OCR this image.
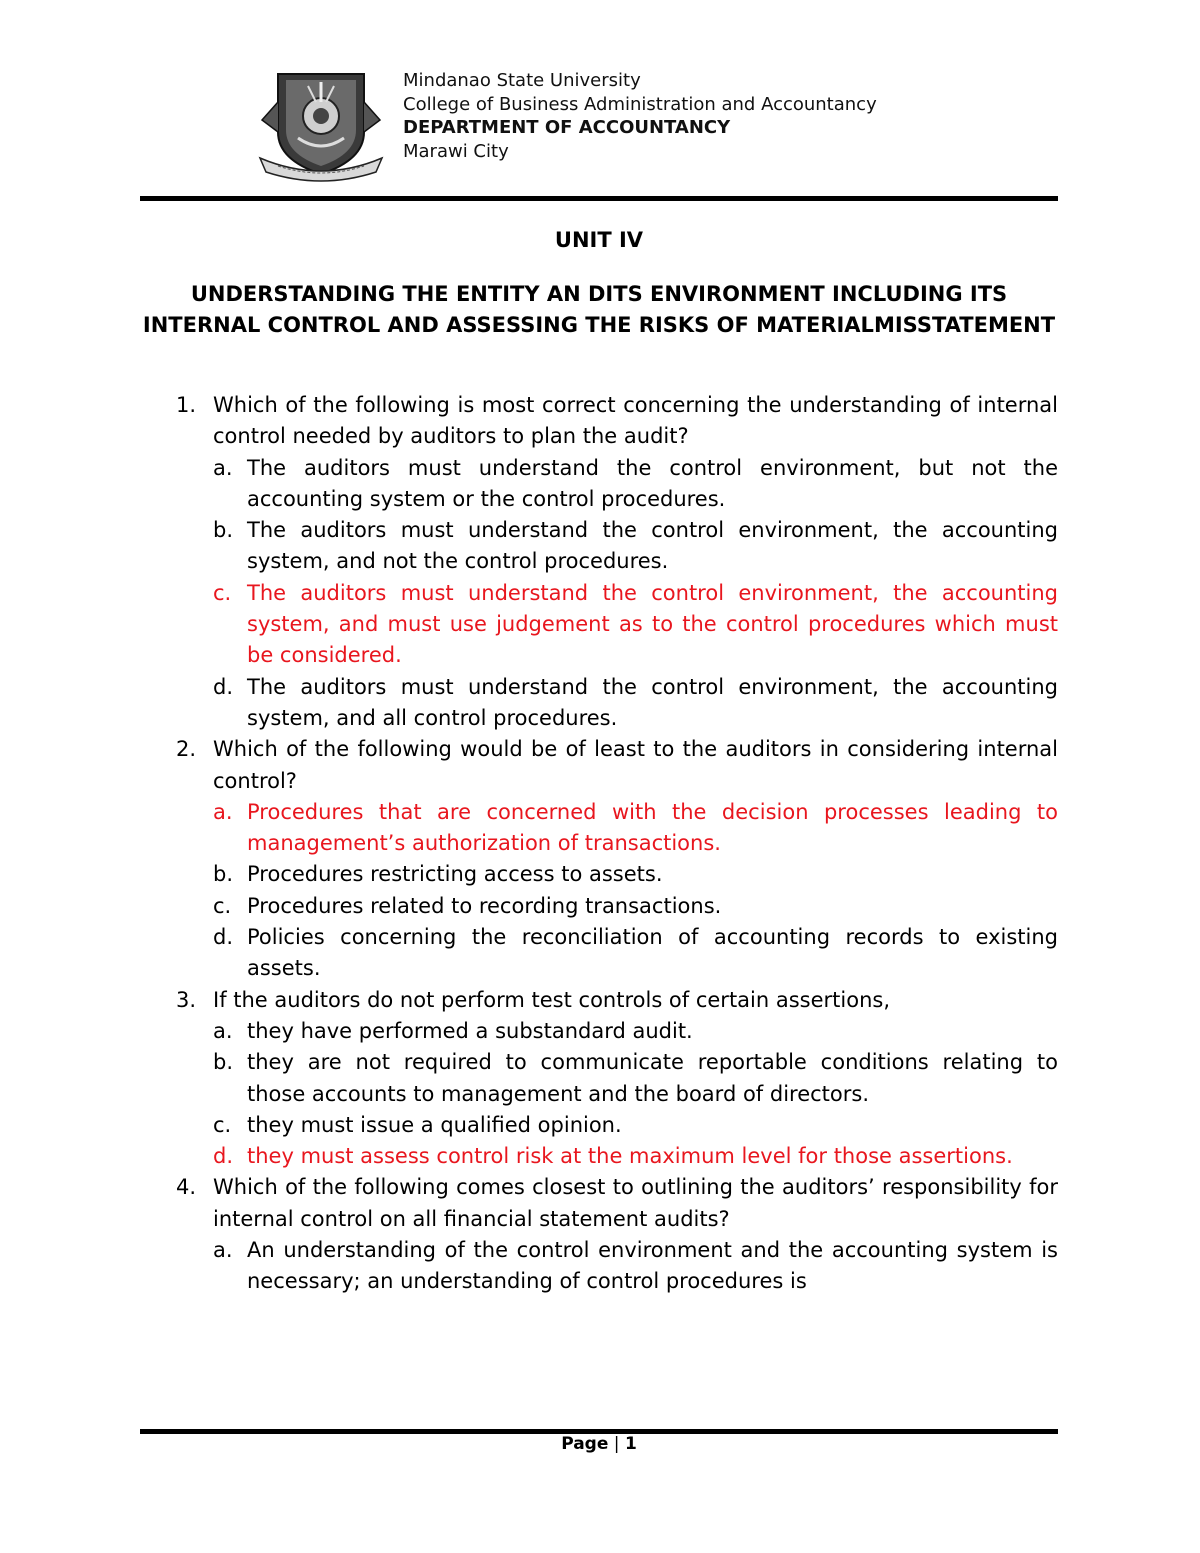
Mindanao State University
College of Business Administration and Accountancy
DEPARTMENT OF ACCOUNTANCY
Marawi City
UNIT IV
UNDERSTANDING THE ENTITY AN DITS ENVIRONMENT INCLUDING ITS INTERNAL CONTROL AND ASSESSING THE RISKS OF MATERIALMISSTATEMENT
1. Which of the following is most correct concerning the understanding of internal control needed by auditors to plan the audit?
a. The auditors must understand the control environment, but not the accounting system or the control procedures.
b. The auditors must understand the control environment, the accounting system, and not the control procedures.
c. The auditors must understand the control environment, the accounting system, and must use judgement as to the control procedures which must be considered.
d. The auditors must understand the control environment, the accounting system, and all control procedures.
2. Which of the following would be of least to the auditors in considering internal control?
a. Procedures that are concerned with the decision processes leading to management’s authorization of transactions.
b. Procedures restricting access to assets.
c. Procedures related to recording transactions.
d. Policies concerning the reconciliation of accounting records to existing assets.
3. If the auditors do not perform test controls of certain assertions,
a. they have performed a substandard audit.
b. they are not required to communicate reportable conditions relating to those accounts to management and the board of directors.
c. they must issue a qualified opinion.
d. they must assess control risk at the maximum level for those assertions.
4. Which of the following comes closest to outlining the auditors’ responsibility for internal control on all financial statement audits?
a. An understanding of the control environment and the accounting system is necessary; an understanding of control procedures is
Page | 1
